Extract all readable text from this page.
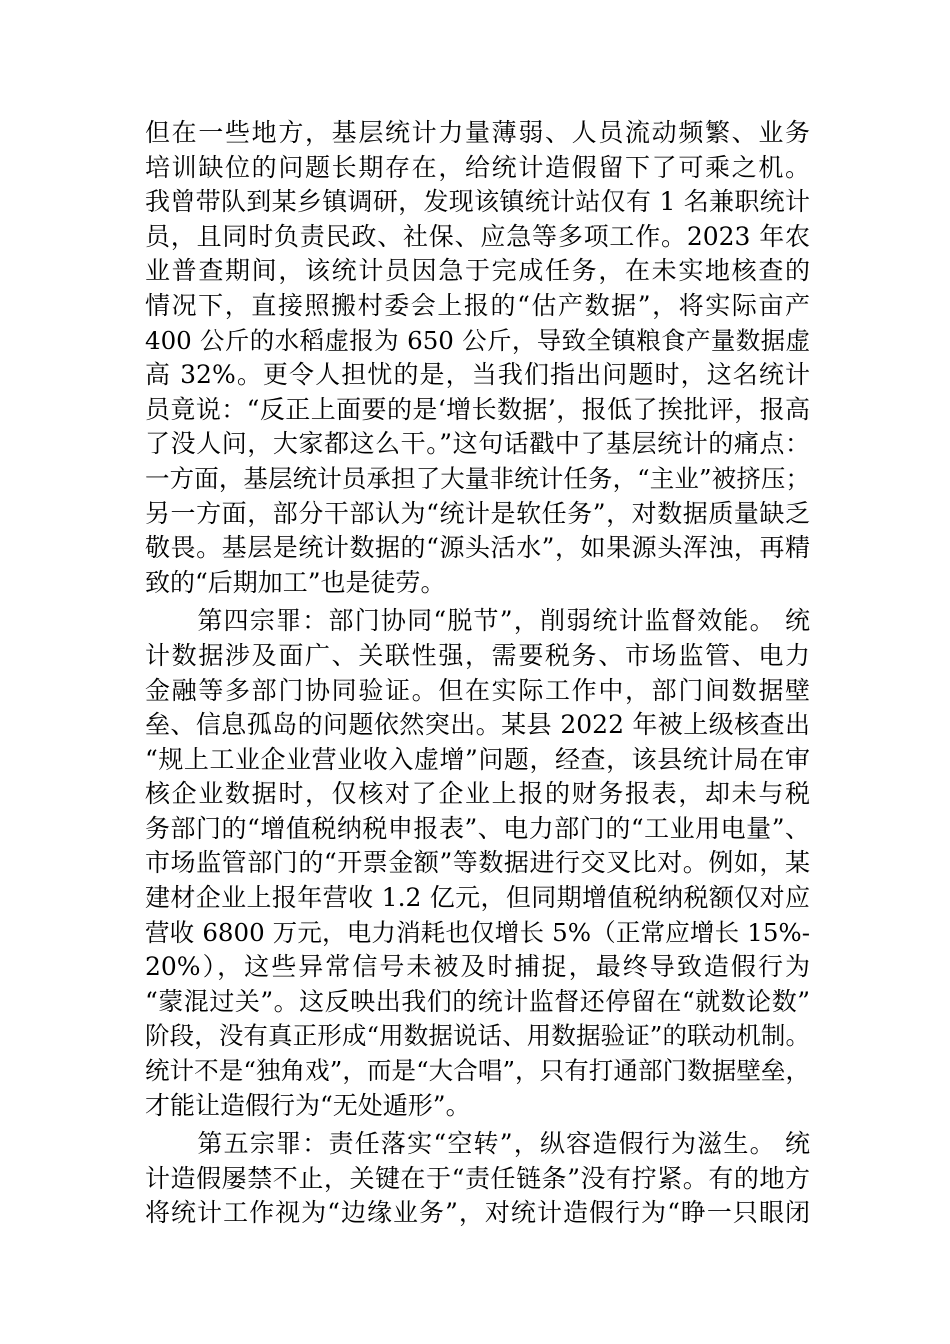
但在一些地方，基层统计力量薄弱、人员流动频繁、业务
培训缺位的问题长期存在，给统计造假留下了可乘之机。
我曾带队到某乡镇调研，发现该镇统计站仅有 1 名兼职统计
员，且同时负责民政、社保、应急等多项工作。2023 年农
业普查期间，该统计员因急于完成任务，在未实地核查的
情况下，直接照搬村委会上报的“估产数据”，将实际亩产
400 公斤的水稻虚报为 650 公斤，导致全镇粮食产量数据虚
高 32%。更令人担忧的是，当我们指出问题时，这名统计
员竟说：“反正上面要的是‘增长数据’，报低了挨批评，报高
了没人问，大家都这么干。”这句话戳中了基层统计的痛点：
一方面，基层统计员承担了大量非统计任务，“主业”被挤压；
另一方面，部分干部认为“统计是软任务”，对数据质量缺乏
敬畏。基层是统计数据的“源头活水”，如果源头浑浊，再精
致的“后期加工”也是徒劳。
　　第四宗罪：部门协同“脱节”，削弱统计监督效能。 统
计数据涉及面广、关联性强，需要税务、市场监管、电力
金融等多部门协同验证。但在实际工作中，部门间数据壁
垒、信息孤岛的问题依然突出。某县 2022 年被上级核查出
“规上工业企业营业收入虚增”问题，经查，该县统计局在审
核企业数据时，仅核对了企业上报的财务报表，却未与税
务部门的“增值税纳税申报表”、电力部门的“工业用电量”、
市场监管部门的“开票金额”等数据进行交叉比对。例如，某
建材企业上报年营收 1.2 亿元，但同期增值税纳税额仅对应
营收 6800 万元，电力消耗也仅增长 5%（正常应增长 15%-
20%），这些异常信号未被及时捕捉，最终导致造假行为
“蒙混过关”。这反映出我们的统计监督还停留在“就数论数”
阶段，没有真正形成“用数据说话、用数据验证”的联动机制。
统计不是“独角戏”，而是“大合唱”，只有打通部门数据壁垒，
才能让造假行为“无处遁形”。
　　第五宗罪：责任落实“空转”，纵容造假行为滋生。 统
计造假屡禁不止，关键在于“责任链条”没有拧紧。有的地方
将统计工作视为“边缘业务”，对统计造假行为“睁一只眼闭
